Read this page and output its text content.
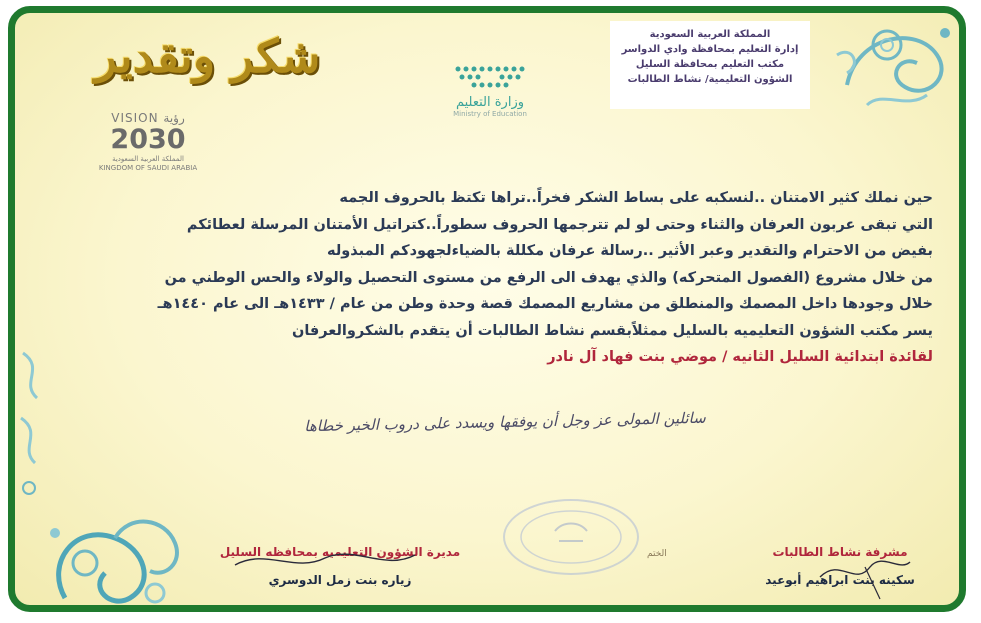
المملكة العربية السعودية
إدارة التعليم بمحافظة وادي الدواسر
مكتب التعليم بمحافظة السليل
الشؤون التعليمية/ نشاط الطالبات
شكر وتقدير
وزارة التعليم
Ministry of Education
VISION رؤية
2030
المملكة العربية السعودية
KINGDOM OF SAUDI ARABIA
حين نملك كثير الامتنان ..لنسكبه على بساط الشكر فخراً..تراها تكتظ بالحروف الجمه
التي تبقى عربون العرفان والثناء وحتى لو لم تترجمها الحروف سطوراً..كتراتيل الأمتنان المرسلة لعطائكم
بفيض من الاحترام والتقدير وعبر الأثير ..رسالة عرفان مكللة بالضياءلجهودكم المبذوله
من خلال مشروع (الفصول المتحركه) والذي يهدف الى الرفع من مستوى التحصيل والولاء والحس الوطني من
خلال وجودها داخل المصمك والمنطلق من مشاريع المصمك قصة وحدة وطن من عام / ١٤٣٣هـ الى عام ١٤٤٠هـ
يسر مكتب الشؤون التعليميه بالسليل ممثلاًبقسم نشاط الطالبات أن يتقدم بالشكروالعرفان
لقائدة ابتدائية السليل الثانيه / موضي بنت فهاد آل نادر
سائلين المولى عز وجل أن يوفقها ويسدد على دروب الخير خطاها
الختم
مديرة الشؤون التعليميه بمحافظه السليل
زياره بنت زمل الدوسري
مشرفة نشاط الطالبات
سكينه بنت ابراهيم أبوعيد
